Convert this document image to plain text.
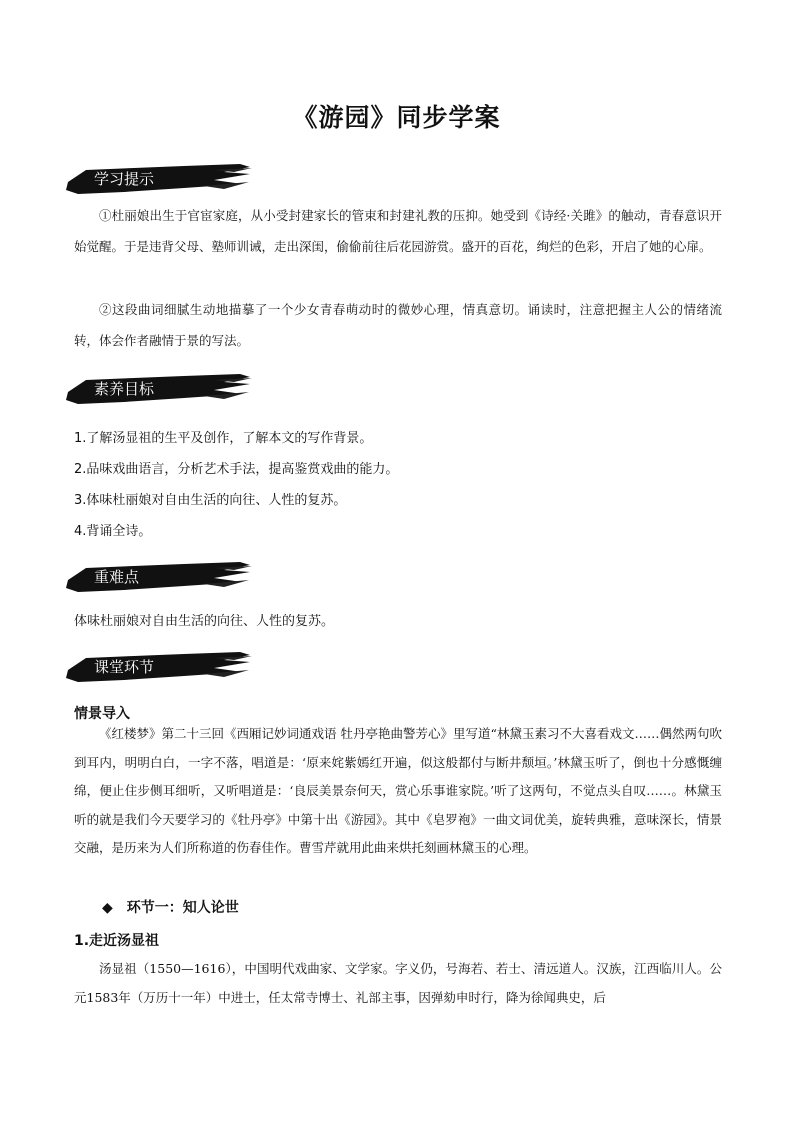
《游园》同步学案
学习提示
①杜丽娘出生于官宦家庭，从小受封建家长的管束和封建礼教的压抑。她受到《诗经·关雎》的触动，青春意识开始觉醒。于是违背父母、塾师训诫，走出深闺，偷偷前往后花园游赏。盛开的百花，绚烂的色彩，开启了她的心扉。
②这段曲词细腻生动地描摹了一个少女青春萌动时的微妙心理，情真意切。诵读时，注意把握主人公的情绪流转，体会作者融情于景的写法。
素养目标
1.了解汤显祖的生平及创作，了解本文的写作背景。
2.品味戏曲语言，分析艺术手法，提高鉴赏戏曲的能力。
3.体味杜丽娘对自由生活的向往、人性的复苏。
4.背诵全诗。
重难点
体味杜丽娘对自由生活的向往、人性的复苏。
课堂环节
情景导入
《红楼梦》第二十三回《西厢记妙词通戏语 牡丹亭艳曲警芳心》里写道“林黛玉素习不大喜看戏文……偶然两句吹到耳内，明明白白，一字不落，唱道是：‘原来姹紫嫣红开遍，似这般都付与断井颓垣。’林黛玉听了，倒也十分感慨缠绵，便止住步侧耳细听，又听唱道是：‘良辰美景奈何天，赏心乐事谁家院。’听了这两句，不觉点头自叹……。林黛玉听的就是我们今天要学习的《牡丹亭》中第十出《游园》。其中《皂罗袍》一曲文词优美，旋转典雅，意味深长，情景交融，是历来为人们所称道的伤春佳作。曹雪芹就用此曲来烘托刻画林黛玉的心理。
◆　环节一：知人论世
1.走近汤显祖
汤显祖（1550—1616），中国明代戏曲家、文学家。字义仍，号海若、若士、清远道人。汉族，江西临川人。公元1583年（万历十一年）中进士，任太常寺博士、礼部主事，因弹劾申时行，降为徐闻典史，后
